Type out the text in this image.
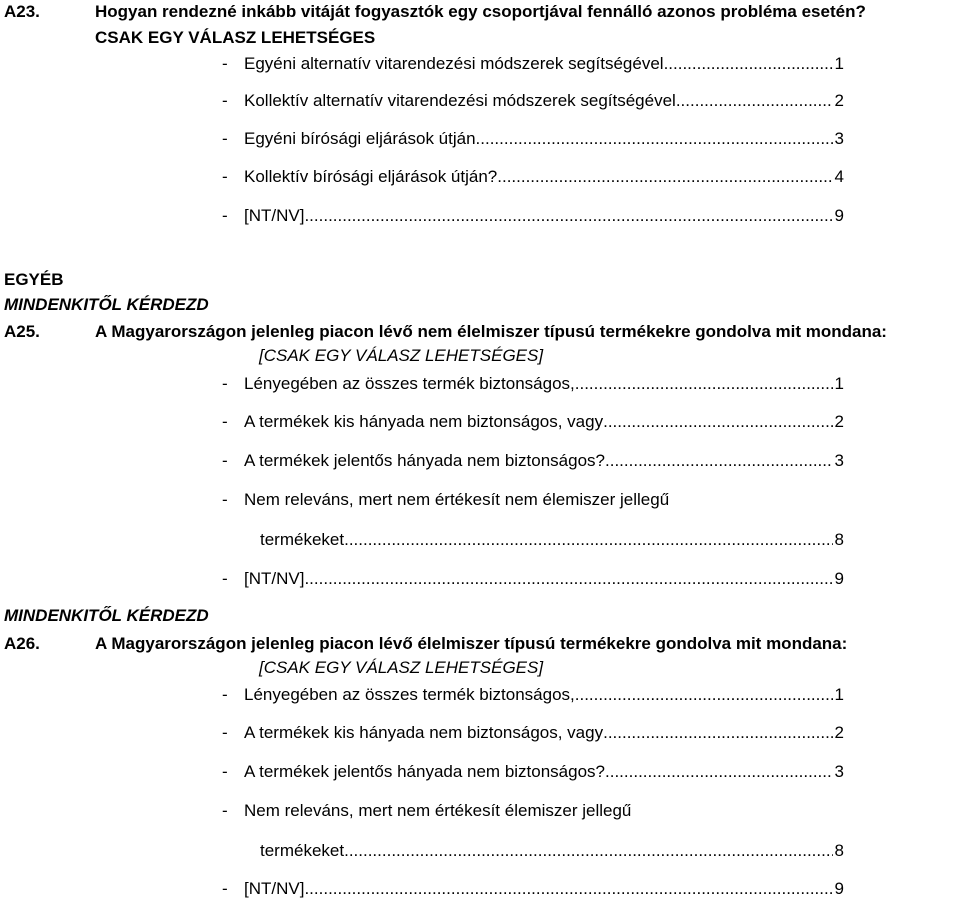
A23.	Hogyan rendezné inkább vitáját fogyasztók egy csoportjával fennálló azonos probléma esetén?
CSAK EGY VÁLASZ LEHETSÉGES
- Egyéni alternatív vitarendezési módszerek segítségével .....	1
- Kollektív alternatív vitarendezési módszerek segítségével .....	2
- Egyéni bírósági eljárások útján .....	3
- Kollektív bírósági eljárások útján? .....	4
- [NT/NV] .....	9
EGYÉB
MINDENKITŐL KÉRDEZD
A25.	A Magyarországon jelenleg piacon lévő nem élelmiszer típusú termékekre gondolva mit mondana:
[CSAK EGY VÁLASZ LEHETSÉGES]
- Lényegében az összes termék biztonságos, .....	1
- A termékek kis hányada nem biztonságos, vagy .....	2
- A termékek jelentős hányada nem biztonságos? .....	3
- Nem releváns, mert nem értékesít nem élemiszer jellegű
termékeket .....	8
- [NT/NV] .....	9
MINDENKITŐL KÉRDEZD
A26.	A Magyarországon jelenleg piacon lévő élelmiszer típusú termékekre gondolva mit mondana:
[CSAK EGY VÁLASZ LEHETSÉGES]
- Lényegében az összes termék biztonságos, .....	1
- A termékek kis hányada nem biztonságos, vagy .....	2
- A termékek jelentős hányada nem biztonságos? .....	3
- Nem releváns, mert nem értékesít élemiszer jellegű
termékeket .....	8
- [NT/NV] .....	9
